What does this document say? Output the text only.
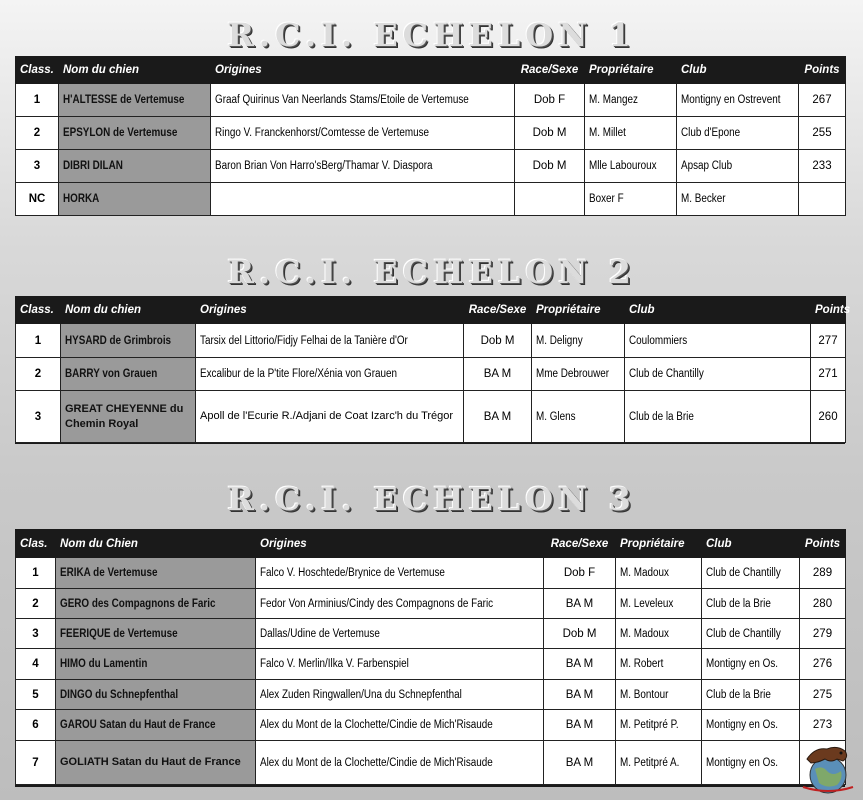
R.C.I. ECHELON 1
Class.	Nom du chien	Origines	Race/Sexe	Propriétaire	Club	Points
1	H'ALTESSE de Vertemuse	Graaf Quirinus Van Neerlands Stams/Etoile de Vertemuse	Dob F	M. Mangez	Montigny en Ostrevent	267
2	EPSYLON de Vertemuse	Ringo V. Franckenhorst/Comtesse de Vertemuse	Dob M	M. Millet	Club d'Epone	255
3	DIBRI DILAN	Baron Brian Von Harro'sBerg/Thamar V. Diaspora	Dob M	Mlle Labouroux	Apsap Club	233
NC	HORKA			Boxer F	M. Becker	
R.C.I. ECHELON 2
Class.	Nom du chien	Origines	Race/Sexe	Propriétaire	Club	Points
1	HYSARD de Grimbrois	Tarsix del Littorio/Fidjy Felhai de la Tanière d'Or	Dob M	M. Deligny	Coulommiers	277
2	BARRY von Grauen	Excalibur de la P'tite Flore/Xénia von Grauen	BA M	Mme Debrouwer	Club de Chantilly	271
3	GREAT CHEYENNE du Chemin Royal	Apoll de l'Ecurie R./Adjani de Coat Izarc'h du Trégor	BA M	M. Glens	Club de la Brie	260
R.C.I. ECHELON 3
Clas.	Nom du Chien	Origines	Race/Sexe	Propriétaire	Club	Points
1	ERIKA de Vertemuse	Falco V. Hoschtede/Brynice de Vertemuse	Dob F	M. Madoux	Club de Chantilly	289
2	GERO des Compagnons de Faric	Fedor Von Arminius/Cindy des Compagnons de Faric	BA M	M. Leveleux	Club de la Brie	280
3	FEERIQUE de Vertemuse	Dallas/Udine de Vertemuse	Dob M	M. Madoux	Club de Chantilly	279
4	HIMO du Lamentin	Falco V. Merlin/Ilka V. Farbenspiel	BA M	M. Robert	Montigny en Os.	276
5	DINGO du Schnepfenthal	Alex Zuden Ringwallen/Una du Schnepfenthal	BA M	M. Bontour	Club de la Brie	275
6	GAROU Satan du Haut de France	Alex du Mont de la Clochette/Cindie de Mich'Risaude	BA M	M. Petitpré P.	Montigny en Os.	273
7	GOLIATH Satan du Haut de France	Alex du Mont de la Clochette/Cindie de Mich'Risaude	BA M	M. Petitpré A.	Montigny en Os.	
